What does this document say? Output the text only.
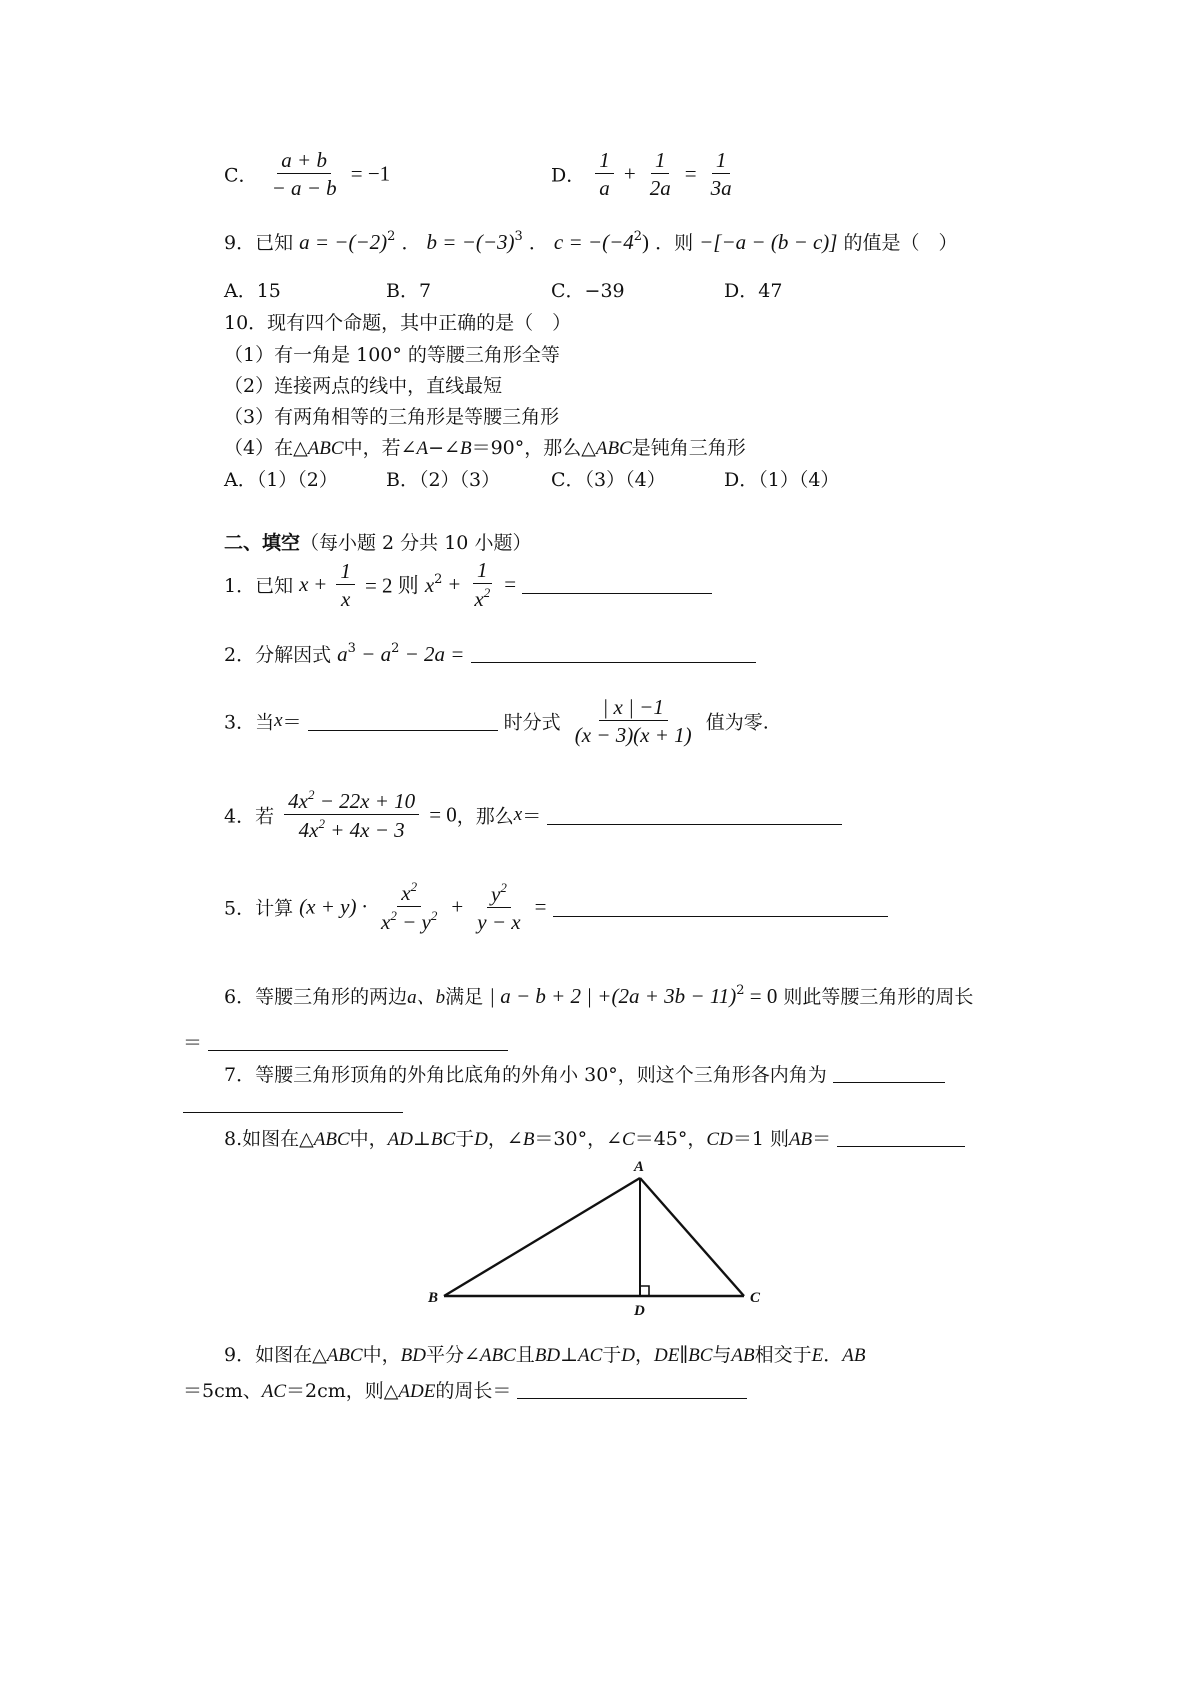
C． $\frac{a + b}{- a - b} = -1$	D． $\frac{1}{a} + \frac{1}{2a} = \frac{1}{3a}$
9．已知 $a = -(-2)^2$ ． $b = -(-3)^3$ ． $c = -(-4^2)$ ．则 −[−a − (b − c)] 的值是（　）
A．15	B．7	C．−39	D．47
10．现有四个命题，其中正确的是（　）
（1）有一角是 100° 的等腰三角形全等
（2）连接两点的线中，直线最短
（3）有两角相等的三角形是等腰三角形
（4）在△ABC中，若∠A−∠B＝90°，那么△ABC是钝角三角形
A．（1）（2）	B．（2）（3）	C．（3）（4）	D．（1）（4）
二、填空（每小题 2 分共 10 小题）
1．已知 $x + \frac{1}{x} = 2$ 则 $x^2 + \frac{1}{x^2}$ =
2．分解因式 $a^3 - a^2 - 2a$ =
3．当x＝	时分式 $\frac{| x | -1}{(x - 3)(x + 1)}$ 值为零.
4．若 $\frac{4x^2 - 22x + 10}{4x^2 + 4x - 3} = 0$，那么x＝
5．计算 $(x + y) \cdot \frac{x^2}{x^2 - y^2} + \frac{y^2}{y - x}$ =
6．等腰三角形的两边a、b满足 | a − b + 2 | $+(2a + 3b - 11)^2 = 0$ 则此等腰三角形的周长
＝
7．等腰三角形顶角的外角比底角的外角小 30°，则这个三角形各内角为
8.如图在△ABC中，AD⊥BC于D，∠B＝30°，∠C＝45°，CD＝1 则AB＝
A
B	C
D
9．如图在△ABC中，BD平分∠ABC且BD⊥AC于D，DE∥BC与AB相交于E．AB
＝5cm、AC＝2cm，则△ADE的周长＝
